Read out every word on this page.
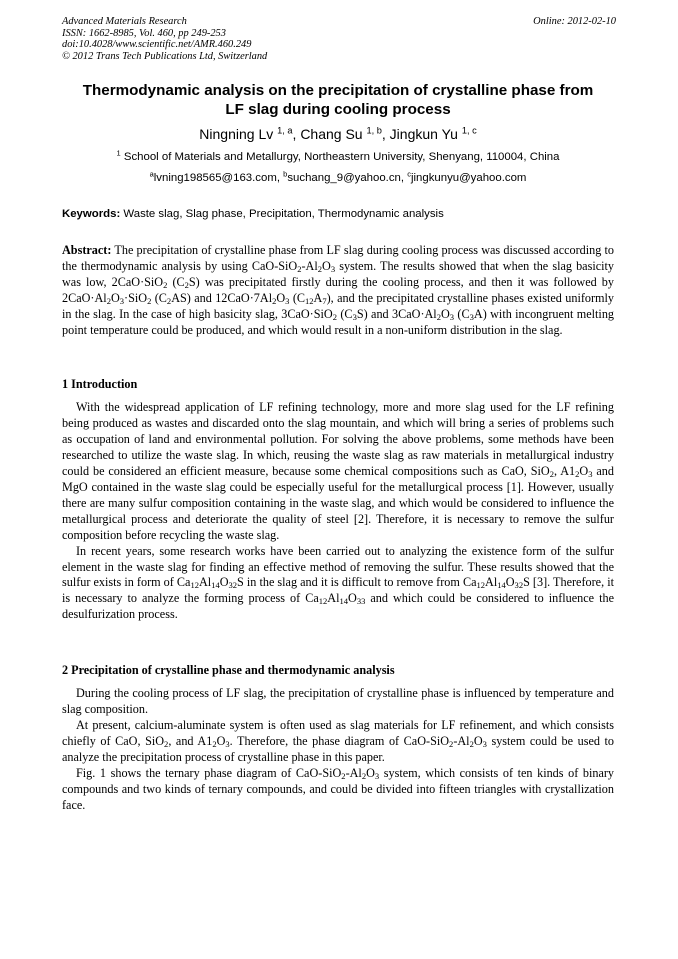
Advanced Materials Research
ISSN: 1662-8985, Vol. 460, pp 249-253
doi:10.4028/www.scientific.net/AMR.460.249
© 2012 Trans Tech Publications Ltd, Switzerland
Online: 2012-02-10
Thermodynamic analysis on the precipitation of crystalline phase from
LF slag during cooling process
Ningning Lv $^{1, a}$, Chang Su $^{1, b}$, Jingkun Yu $^{1, c}$
$^1$ School of Materials and Metallurgy, Northeastern University, Shenyang, 110004, China
$^a$lvning198565@163.com, $^b$suchang_9@yahoo.cn, $^c$jingkunyu@yahoo.com
Keywords: Waste slag, Slag phase, Precipitation, Thermodynamic analysis
Abstract: The precipitation of crystalline phase from LF slag during cooling process was discussed according to the thermodynamic analysis by using CaO-$SiO_2-Al_2O_3$ system. The results showed that when the slag basicity was low, 2CaO·SiO$_2$ $(C_2S)$ was precipitated firstly during the cooling process, and then it was followed by $2CaO\cdot Al_2O_3\cdot SiO_2$ $(C_2AS)$ and $12CaO\cdot 7Al_2O_3$ $(C_{12}A_7)$, and the precipitated crystalline phases existed uniformly in the slag. In the case of high basicity slag, 3CaO·SiO$_2$ $(C_3S)$ and $3CaO\cdot Al_2O_3$ $(C_3A)$ with incongruent melting point temperature could be produced, and which would result in a non-uniform distribution in the slag.
1 Introduction

With the widespread application of LF refining technology, more and more slag used for the LF refining being produced as wastes and discarded onto the slag mountain, and which will bring a series of problems such as occupation of land and environmental pollution. For solving the above problems, some methods have been researched to utilize the waste slag. In which, reusing the waste slag as raw materials in metallurgical industry could be considered an efficient measure, because some chemical compositions such as CaO, SiO$_2$, $A1_2O_3$ and MgO contained in the waste slag could be especially useful for the metallurgical process [1]. However, usually there are many sulfur composition containing in the waste slag, and which would be considered to influence the metallurgical process and deteriorate the quality of steel [2]. Therefore, it is necessary to remove the sulfur composition before recycling the waste slag.

In recent years, some research works have been carried out to analyzing the existence form of the sulfur element in the waste slag for finding an effective method of removing the sulfur. These results showed that the sulfur exists in form of $Ca_{12}Al_{14}O_{32}S$ in the slag and it is difficult to remove from $Ca_{12}Al_{14}O_{32}S$ [3]. Therefore, it is necessary to analyze the forming process of $Ca_{12}Al_{14}O_{33}$ and which could be considered to influence the desulfurization process.

2 Precipitation of crystalline phase and thermodynamic analysis

During the cooling process of LF slag, the precipitation of crystalline phase is influenced by temperature and slag composition.

At present, calcium-aluminate system is often used as slag materials for LF refinement, and which consists chiefly of CaO, SiO$_2$, and $A1_2O_3$. Therefore, the phase diagram of CaO-$SiO_2-Al_2O_3$ system could be used to analyze the precipitation process of crystalline phase in this paper.

Fig. 1 shows the ternary phase diagram of CaO-$SiO_2-Al_2O_3$ system, which consists of ten kinds of binary compounds and two kinds of ternary compounds, and could be divided into fifteen triangles with crystallization face.
